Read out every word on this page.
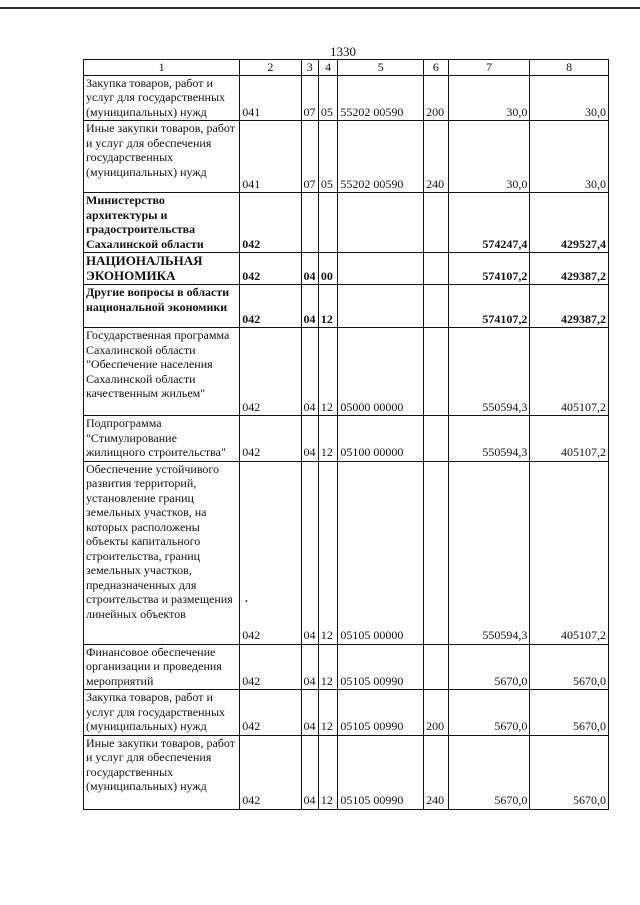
1330
1	2	3	4	5	6	7	8
Закупка товаров, работ и услуг для государственных (муниципальных) нужд	041	07	05	55202 00590	200	30,0	30,0
Иные закупки товаров, работ и услуг для обеспечения государственных (муниципальных) нужд	041	07	05	55202 00590	240	30,0	30,0
Министерство архитектуры и градостроительства Сахалинской области	042					574247,4	429527,4
НАЦИОНАЛЬНАЯ ЭКОНОМИКА	042	04	00			574107,2	429387,2
Другие вопросы в области национальной экономики	042	04	12			574107,2	429387,2
Государственная программа Сахалинской области "Обеспечение населения Сахалинской области качественным жильем"	042	04	12	05000 00000		550594,3	405107,2
Подпрограмма "Стимулирование жилищного строительства"	042	04	12	05100 00000		550594,3	405107,2
Обеспечение устойчивого развития территорий, установление границ земельных участков, на которых расположены объекты капитального строительства, границ земельных участков, предназначенных для строительства и размещения линейных объектов	042	04	12	05105 00000		550594,3	405107,2
Финансовое обеспечение организации и проведения мероприятий	042	04	12	05105 00990		5670,0	5670,0
Закупка товаров, работ и услуг для государственных (муниципальных) нужд	042	04	12	05105 00990	200	5670,0	5670,0
Иные закупки товаров, работ и услуг для обеспечения государственных (муниципальных) нужд	042	04	12	05105 00990	240	5670,0	5670,0
•
